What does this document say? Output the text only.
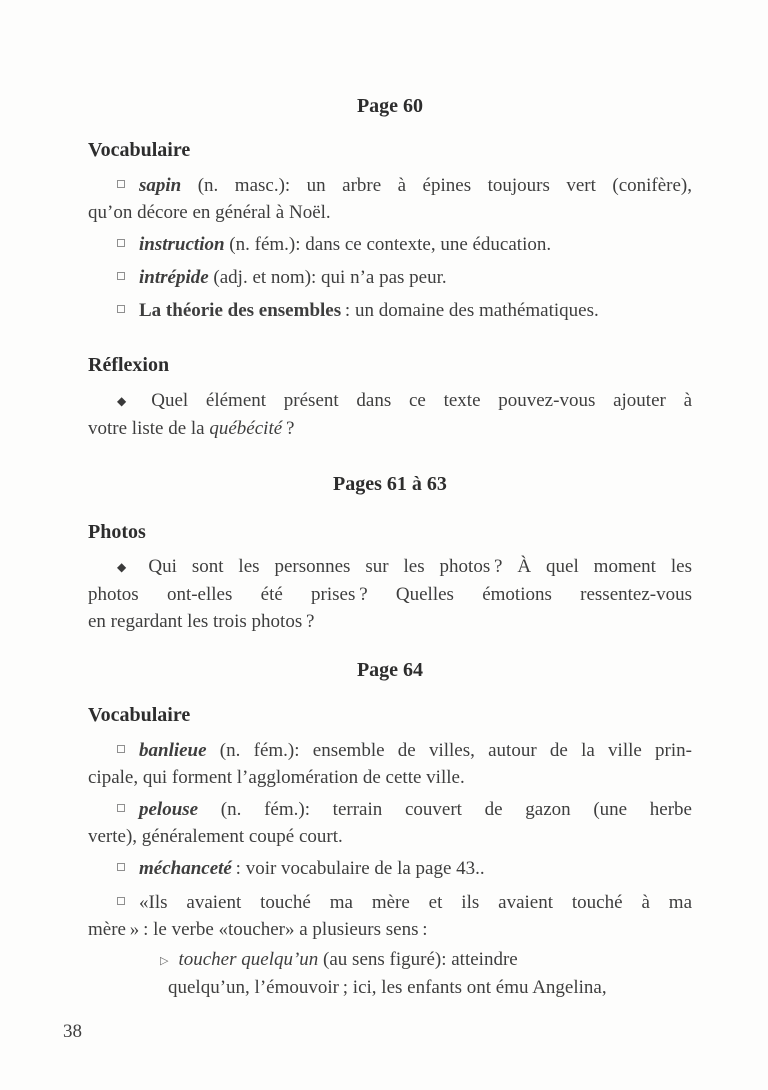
Page 60
Vocabulaire
sapin (n. masc.): un arbre à épines toujours vert (conifère),
qu’on décore en général à Noël.
instruction (n. fém.): dans ce contexte, une éducation.
intrépide (adj. et nom): qui n’a pas peur.
La théorie des ensembles : un domaine des mathématiques.
Réflexion
◆ Quel élément présent dans ce texte pouvez-vous ajouter à
votre liste de la québécité ?
Pages 61 à 63
Photos
◆ Qui sont les personnes sur les photos ? À quel moment les
photos ont-elles été prises ? Quelles émotions ressentez-vous
en regardant les trois photos ?
Page 64
Vocabulaire
banlieue (n. fém.): ensemble de villes, autour de la ville prin-
cipale, qui forment l’agglomération de cette ville.
pelouse (n. fém.): terrain couvert de gazon (une herbe
verte), généralement coupé court.
méchanceté : voir vocabulaire de la page 43..
«Ils avaient touché ma mère et ils avaient touché à ma
mère » : le verbe «toucher» a plusieurs sens :
▷ toucher quelqu’un (au sens figuré): atteindre
quelqu’un, l’émouvoir ; ici, les enfants ont ému Angelina,
38
